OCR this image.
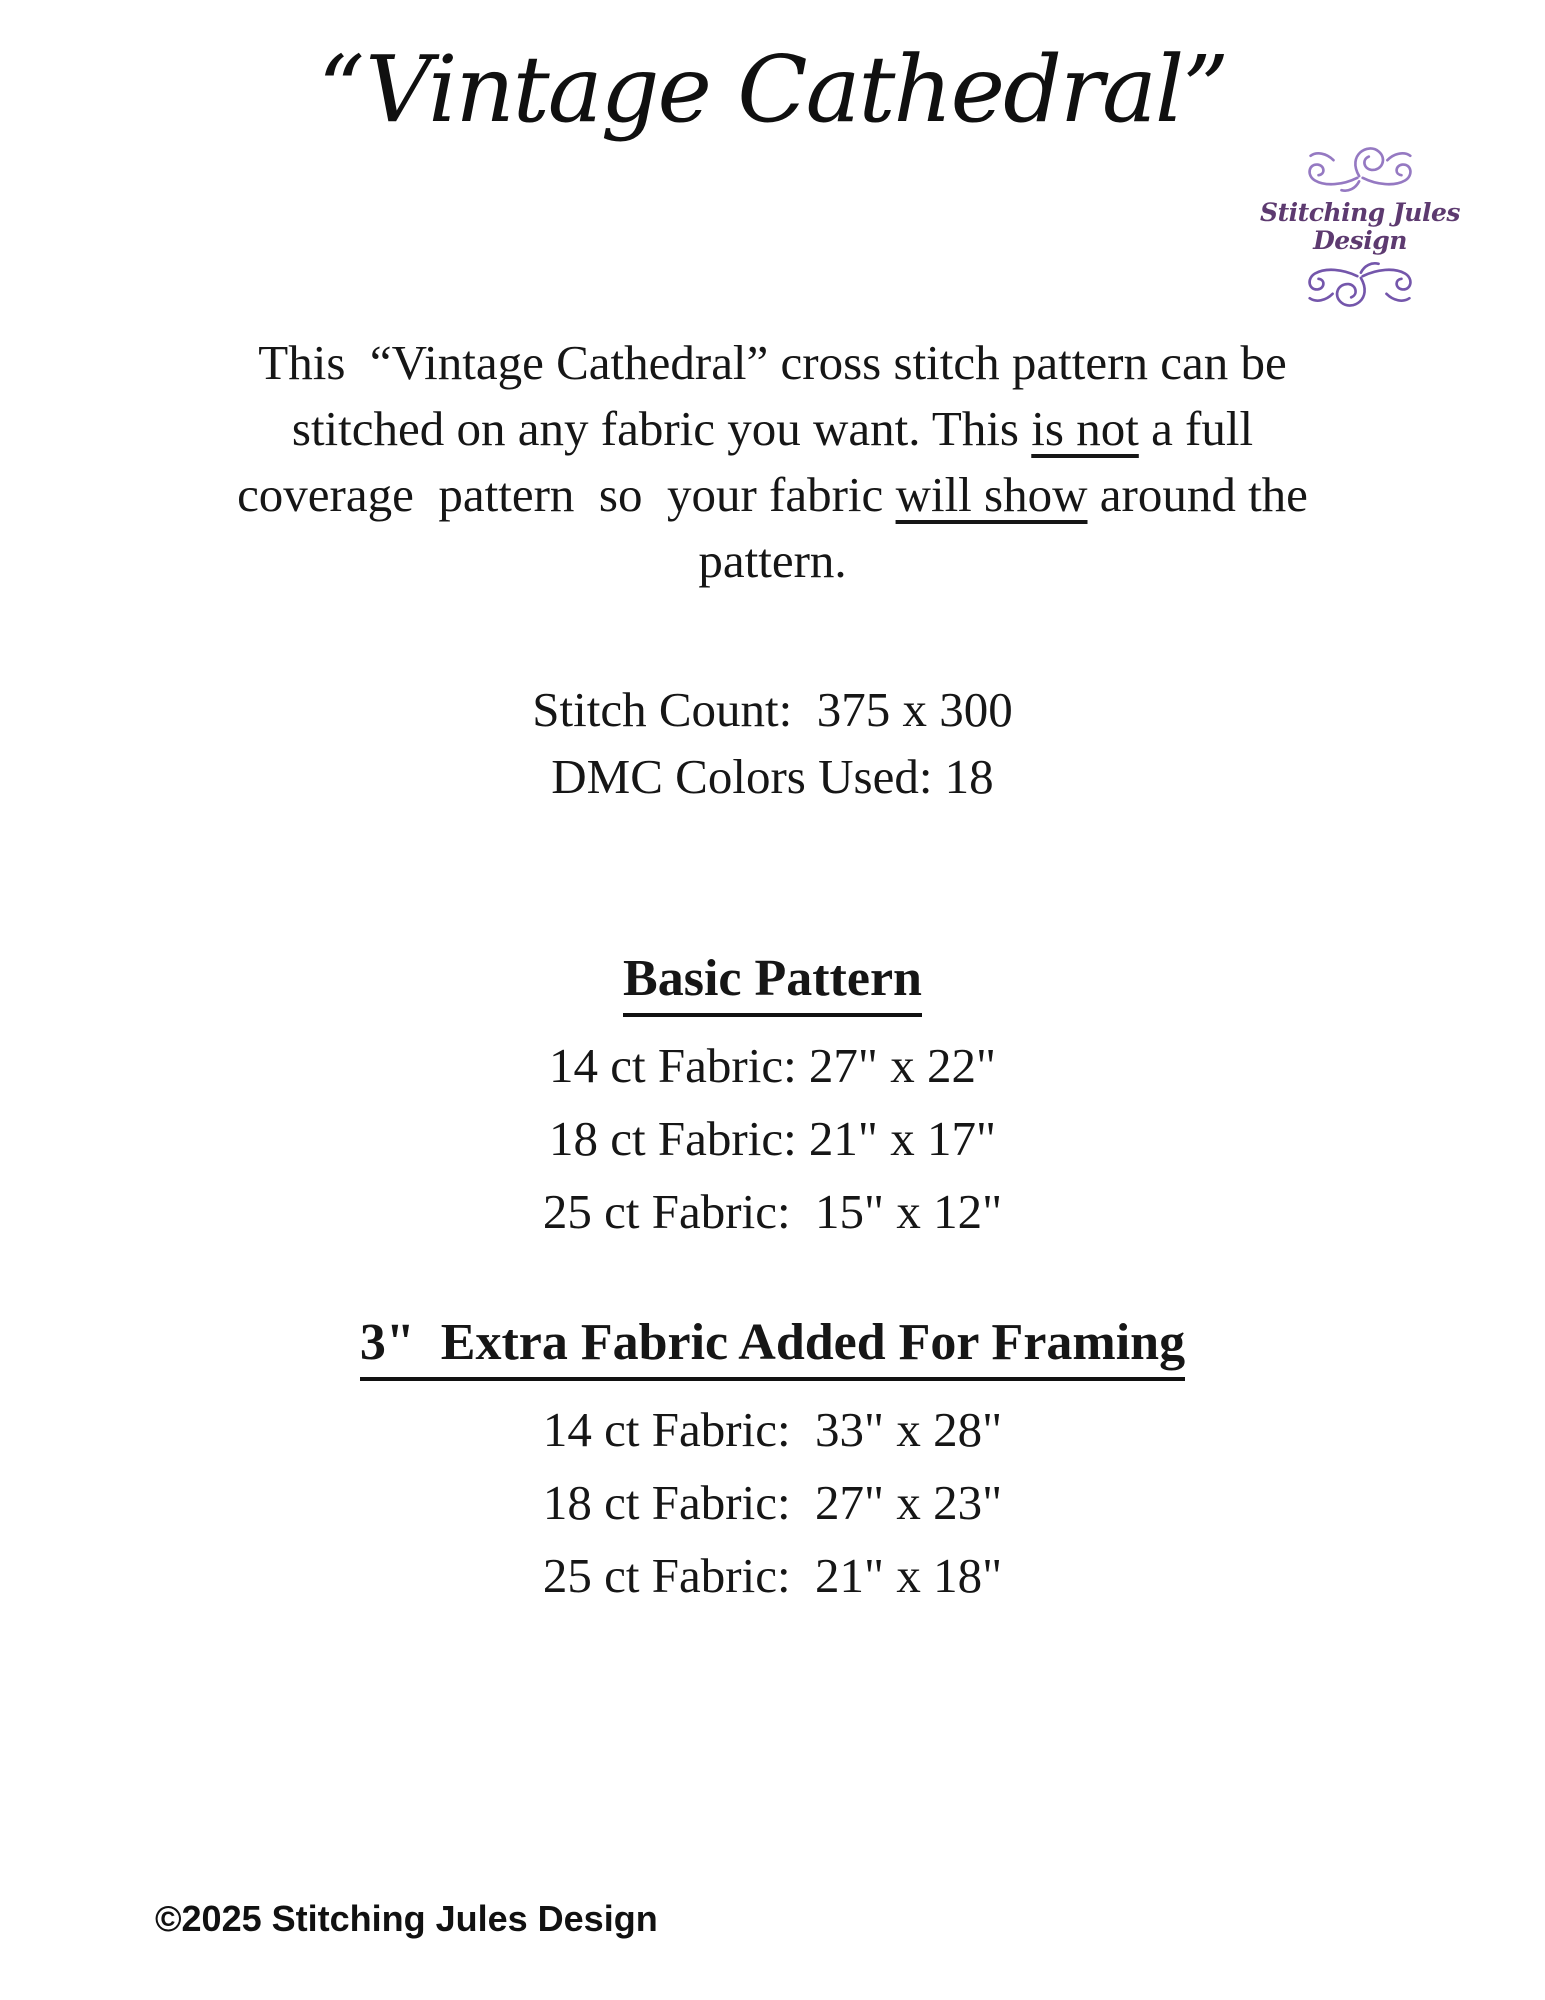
“Vintage Cathedral”
Stitching Jules Design
This  “Vintage Cathedral” cross stitch pattern can be
stitched on any fabric you want. This is not a full
coverage  pattern  so  your fabric will show around the
pattern.
Stitch Count:  375 x 300
DMC Colors Used: 18
Basic Pattern
14 ct Fabric: 27" x 22"
18 ct Fabric: 21" x 17"
25 ct Fabric:  15" x 12"
3"  Extra Fabric Added For Framing
14 ct Fabric:  33" x 28"
18 ct Fabric:  27" x 23"
25 ct Fabric:  21" x 18"
©2025 Stitching Jules Design
